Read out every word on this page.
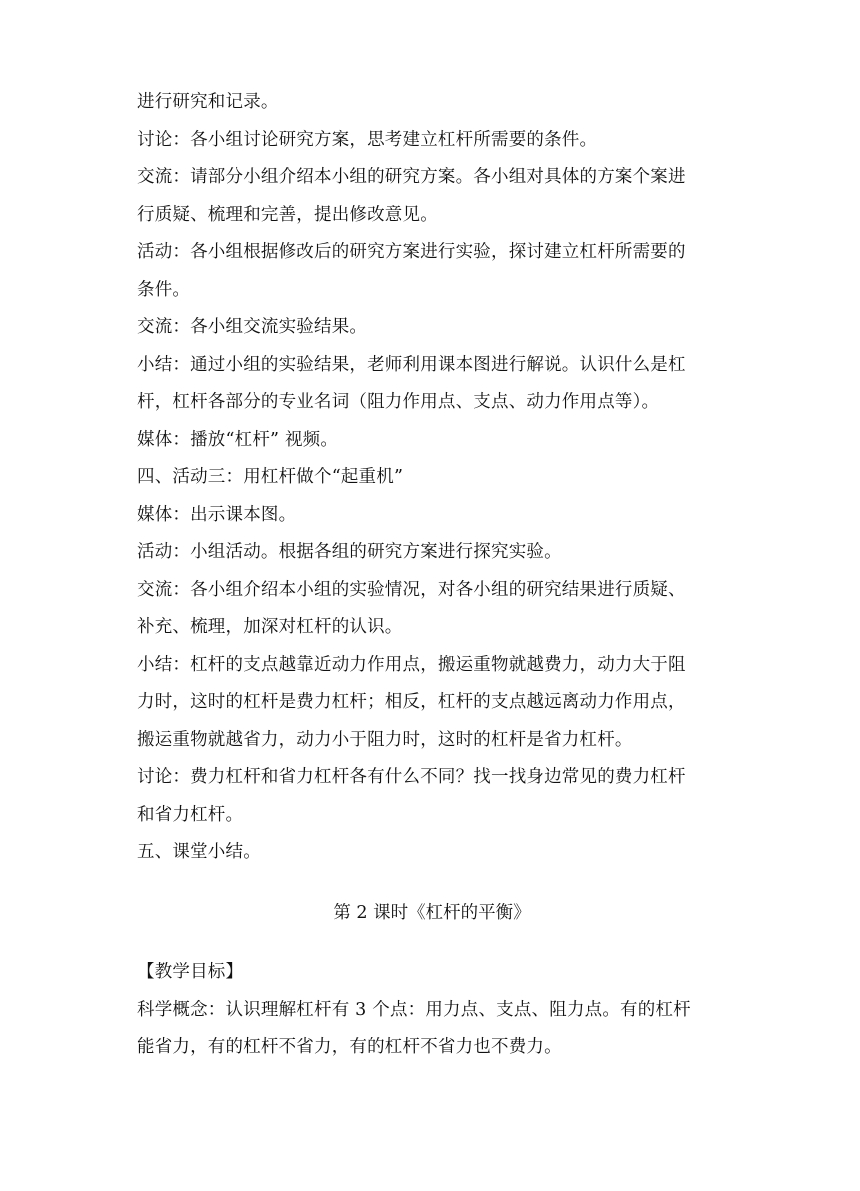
进行研究和记录。
讨论：各小组讨论研究方案，思考建立杠杆所需要的条件。
交流：请部分小组介绍本小组的研究方案。各小组对具体的方案个案进
行质疑、梳理和完善，提出修改意见。
活动：各小组根据修改后的研究方案进行实验，探讨建立杠杆所需要的
条件。
交流：各小组交流实验结果。
小结：通过小组的实验结果，老师利用课本图进行解说。认识什么是杠
杆，杠杆各部分的专业名词（阻力作用点、支点、动力作用点等）。
媒体：播放“杠杆” 视频。
四、活动三：用杠杆做个“起重机”
媒体：出示课本图。
活动：小组活动。根据各组的研究方案进行探究实验。
交流：各小组介绍本小组的实验情况，对各小组的研究结果进行质疑、
补充、梳理，加深对杠杆的认识。
小结：杠杆的支点越靠近动力作用点，搬运重物就越费力，动力大于阻
力时，这时的杠杆是费力杠杆；相反，杠杆的支点越远离动力作用点，
搬运重物就越省力，动力小于阻力时，这时的杠杆是省力杠杆。
讨论：费力杠杆和省力杠杆各有什么不同？找一找身边常见的费力杠杆
和省力杠杆。
五、课堂小结。
第 2 课时《杠杆的平衡》
【教学目标】
科学概念：认识理解杠杆有 3 个点：用力点、支点、阻力点。有的杠杆
能省力，有的杠杆不省力，有的杠杆不省力也不费力。
